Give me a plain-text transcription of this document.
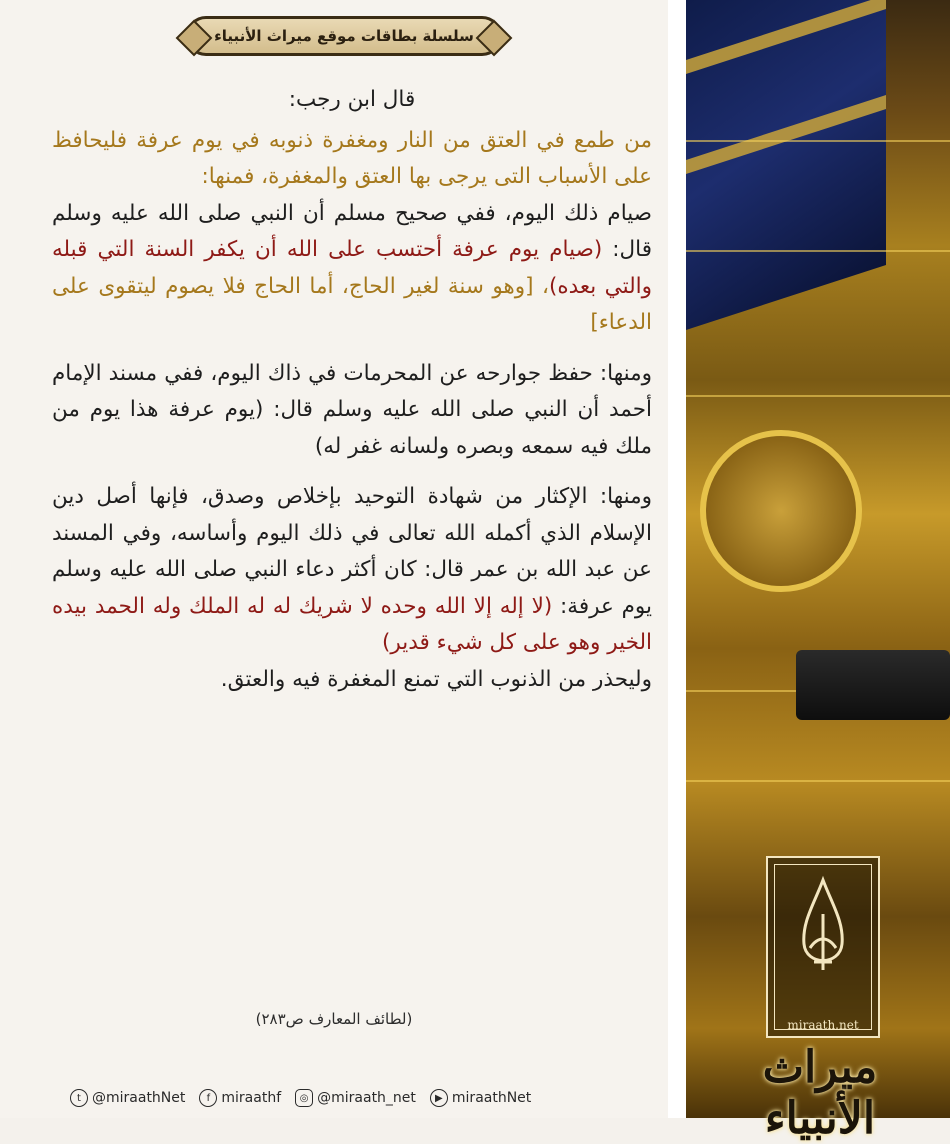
سلسلة بطاقات موقع ميراث الأنبياء

قال ابن رجب:

من طمع في العتق من النار ومغفرة ذنوبه في يوم عرفة فليحافظ على الأسباب التى يرجى بها العتق والمغفرة، فمنها:

صيام ذلك اليوم، ففي صحيح مسلم أن النبي صلى الله عليه وسلم قال: (صيام يوم عرفة أحتسب على الله أن يكفر السنة التي قبله والتي بعده)، [وهو سنة لغير الحاج، أما الحاج فلا يصوم ليتقوى على الدعاء]

ومنها: حفظ جوارحه عن المحرمات في ذاك اليوم، ففي مسند الإمام أحمد أن النبي صلى الله عليه وسلم قال: (يوم عرفة هذا يوم من ملك فيه سمعه وبصره ولسانه غفر له)

ومنها: الإكثار من شهادة التوحيد بإخلاص وصدق، فإنها أصل دين الإسلام الذي أكمله الله تعالى في ذلك اليوم وأساسه، وفي المسند عن عبد الله بن عمر قال: كان أكثر دعاء النبي صلى الله عليه وسلم يوم عرفة: (لا إله إلا الله وحده لا شريك له له الملك وله الحمد بيده الخير وهو على كل شيء قدير)

وليحذر من الذنوب التي تمنع المغفرة فيه والعتق.

(لطائف المعارف ص٢٨٣)
t @miraathNet	f miraathf	◎ @miraath_net	▶ miraathNet
miraath.net
ميراث الأنبياء
